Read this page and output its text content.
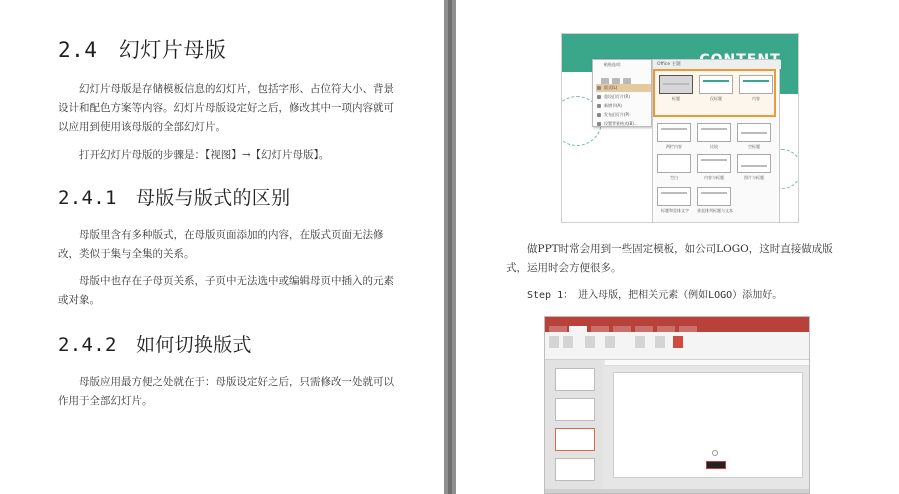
2.4　幻灯片母版
幻灯片母版是存储模板信息的幻灯片，包括字形、占位符大小、背景设计和配色方案等内容。幻灯片母版设定好之后，修改其中一项内容就可以应用到使用该母版的全部幻灯片。
打开幻灯片母版的步骤是：【视图】→【幻灯片母版】。
2.4.1　母版与版式的区别
母版里含有多种版式，在母版页面添加的内容，在版式页面无法修改，类似于集与全集的关系。
母版中也存在子母页关系，子页中无法选中或编辑母页中插入的元素或对象。
2.4.2　如何切换版式
母版应用最方便之处就在于：母版设定好之后，只需修改一处就可以作用于全部幻灯片。
粘贴选项:
版式(L)
重设幻灯片(R)
新增节(A)
发布幻灯片(P)
设置背景格式(B)...
Office 主题
标题	仅标题	内容
两栏内容	比较	空标题
空白	内容与标题	图片与标题
标题和竖排文字	垂直排列标题与文本
做PPT时常会用到一些固定模板，如公司LOGO，这时直接做成版式，运用时会方便很多。
Step 1：　进入母版，把相关元素（例如LOGO）添加好。
